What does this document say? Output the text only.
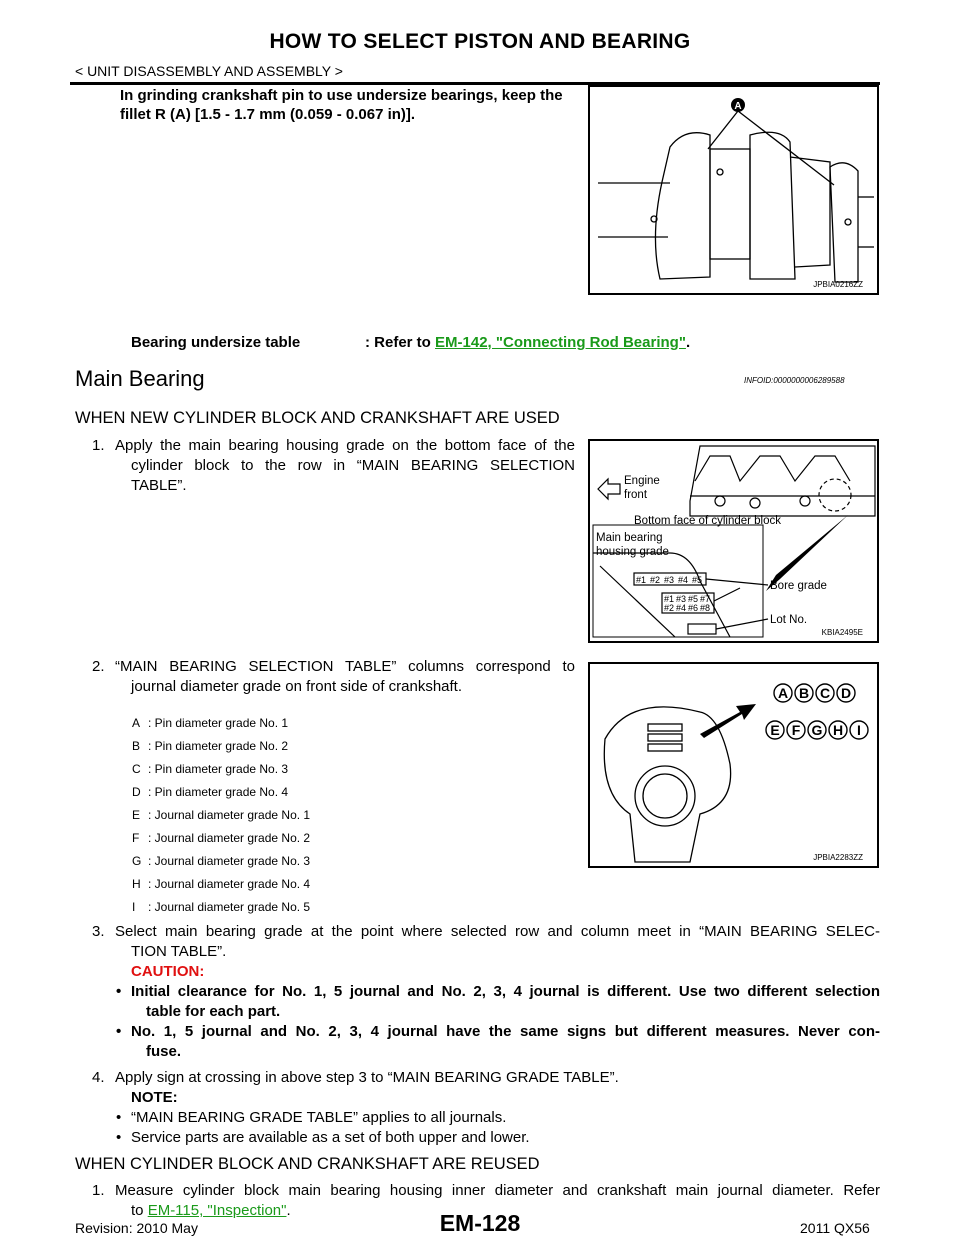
HOW TO SELECT PISTON AND BEARING
< UNIT DISASSEMBLY AND ASSEMBLY >
In grinding crankshaft pin to use undersize bearings, keep the
fillet R (A) [1.5 - 1.7 mm (0.059 - 0.067 in)].	A
JPBIA0216ZZ
Bearing undersize table	: Refer to EM-142, "Connecting Rod Bearing".
Main Bearing	INFOID:0000000006289588
WHEN NEW CYLINDER BLOCK AND CRANKSHAFT ARE USED
1. Apply the main bearing housing grade on the bottom face of the
cylinder block to the row in “MAIN BEARING SELECTION
TABLE”.	Engine
front
Bottom face of cylinder block
Main bearing
housing grade
Bore grade
Lot No.
#1 #2 #3 #4 #5
#1 #3 #5 #7
#2 #4 #6 #8
KBIA2495E
2. “MAIN BEARING SELECTION TABLE” columns correspond to
journal diameter grade on front side of crankshaft.
A : Pin diameter grade No. 1
B : Pin diameter grade No. 2
C : Pin diameter grade No. 3
D : Pin diameter grade No. 4
E : Journal diameter grade No. 1
F : Journal diameter grade No. 2
G : Journal diameter grade No. 3
H : Journal diameter grade No. 4
I : Journal diameter grade No. 5
A B C D
E F G H I
JPBIA2283ZZ
3. Select main bearing grade at the point where selected row and column meet in “MAIN BEARING SELEC-
TION TABLE”.
CAUTION:
• Initial clearance for No. 1, 5 journal and No. 2, 3, 4 journal is different. Use two different selection
table for each part.
• No. 1, 5 journal and No. 2, 3, 4 journal have the same signs but different measures. Never con-
fuse.
4. Apply sign at crossing in above step 3 to “MAIN BEARING GRADE TABLE”.
NOTE:
• “MAIN BEARING GRADE TABLE” applies to all journals.
• Service parts are available as a set of both upper and lower.
WHEN CYLINDER BLOCK AND CRANKSHAFT ARE REUSED
1. Measure cylinder block main bearing housing inner diameter and crankshaft main journal diameter. Refer
to EM-115, "Inspection".
Revision: 2010 May	EM-128	2011 QX56
